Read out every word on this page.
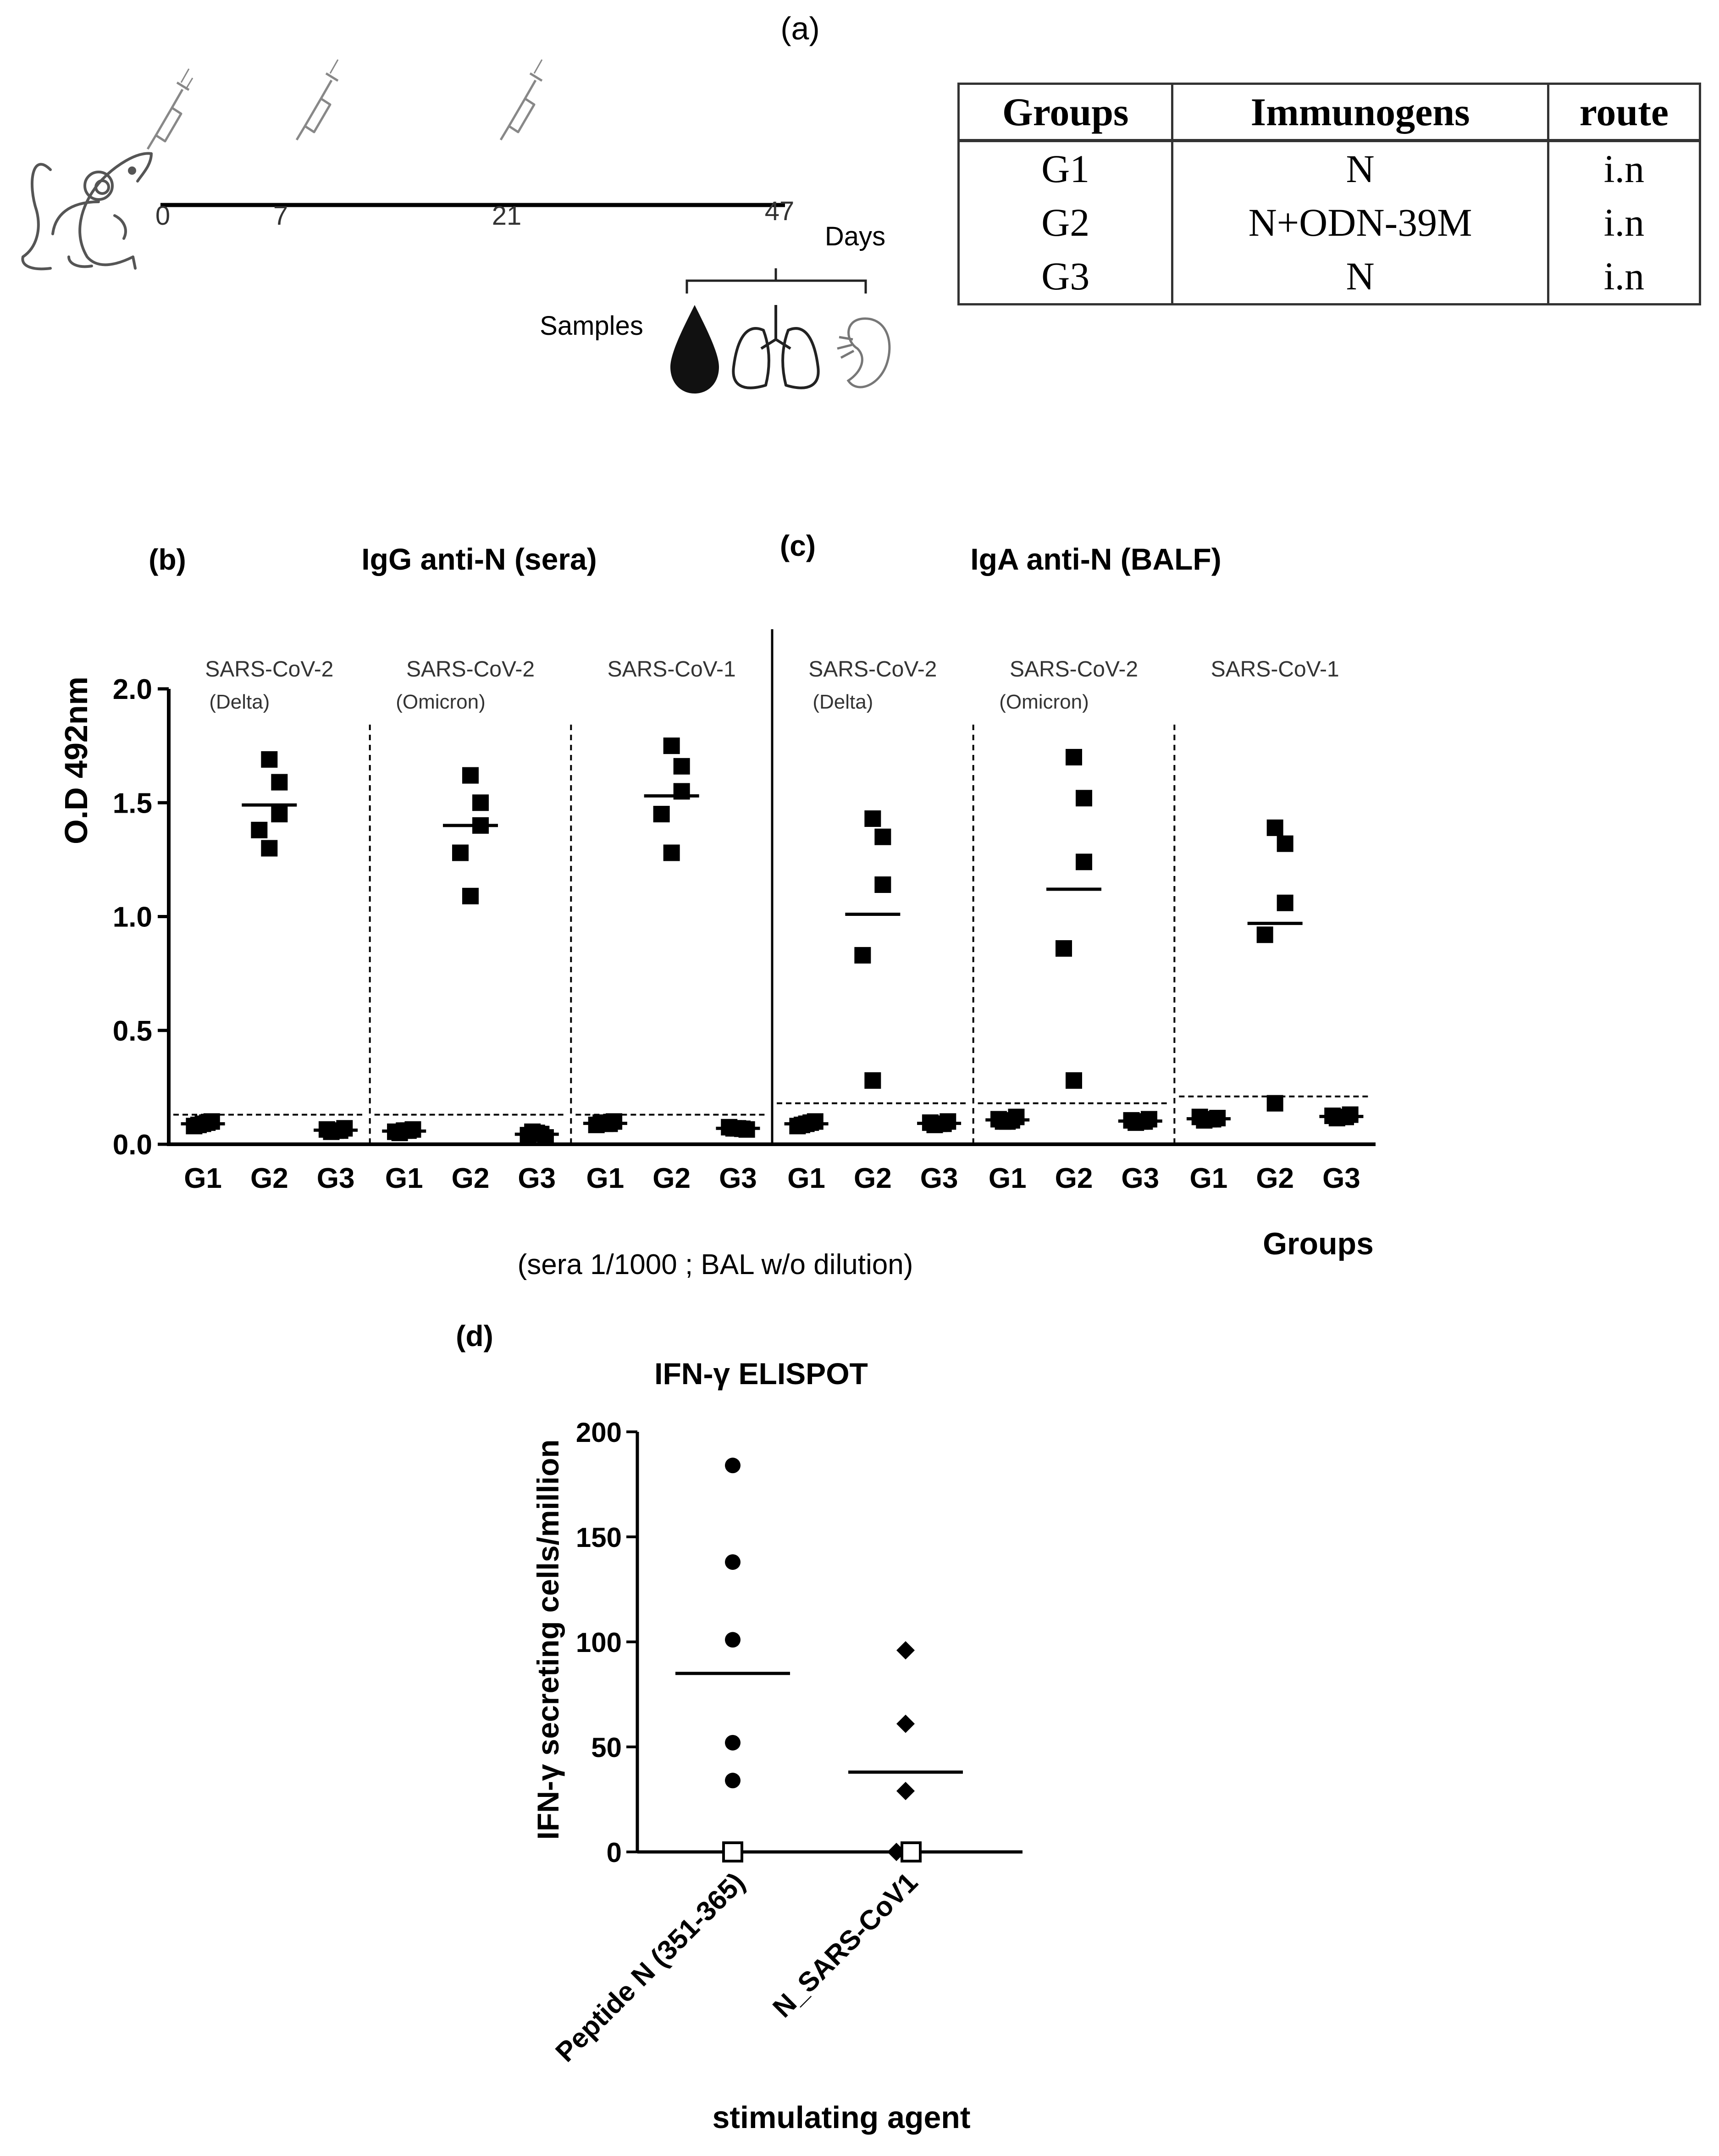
(a)
0	7	21	47
Days
Samples
(b)	IgG anti-N (sera)	(c)	IgA anti-N (BALF)
O.D 492nm
0.0
0.5
1.0
1.5
2.0
SARS-CoV-2
(Delta)
G1 G2 G3
SARS-CoV-2
(Omicron)
G1 G2 G3
SARS-CoV-1
G1 G2 G3
SARS-CoV-2
(Delta)
G1 G2 G3
SARS-CoV-2
(Omicron)
G1 G2 G3
SARS-CoV-1
G1 G2 G3
Groups
(sera 1/1000 ; BAL w/o dilution)
(d)
IFN-γ ELISPOT
IFN-γ secreting cells/million
0
50
100
150
200
Peptide N (351-365) N_SARS-CoV1
stimulating agent
Groups	Immunogens	route
G1	N	i.n
G2	N+ODN-39M	i.n
G3	N	i.n
